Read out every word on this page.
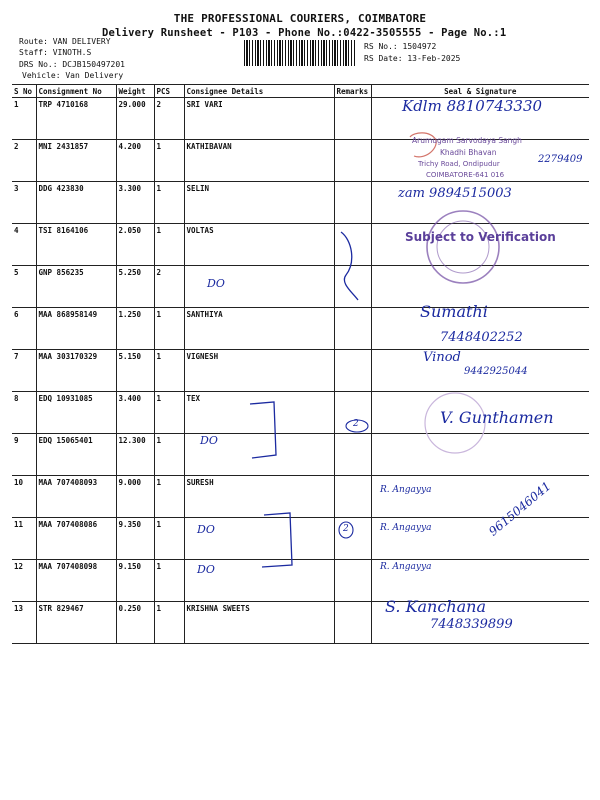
THE PROFESSIONAL COURIERS, COIMBATORE
Delivery Runsheet - P103 - Phone No.:0422-3505555 - Page No.:1
Route: VAN DELIVERY
Staff: VINOTH.S
DRS No.: DCJB150497201
Vehicle: Van Delivery
RS No.: 1504972
RS Date: 13-Feb-2025
S No	Consignment No	Weight	PCS	Consignee Details	Remarks	Seal & Signature
1	TRP 4710168	29.000	2	SRI VARI		
2	MNI 2431857	4.200	1	KATHIBAVAN		
3	DDG 423830	3.300	1	SELIN		
4	TSI 8164106	2.050	1	VOLTAS		
5	GNP 856235	5.250	2			
6	MAA 868958149	1.250	1	SANTHIYA		
7	MAA 303170329	5.150	1	VIGNESH		
8	EDQ 10931085	3.400	1	TEX		
9	EDQ 15065401	12.300	1			
10	MAA 707408093	9.000	1	SURESH		
11	MAA 707408086	9.350	1			
12	MAA 707408098	9.150	1			
13	STR 829467	0.250	1	KRISHNA SWEETS		
Kdlm 8810743330
Arumugam Sarvodaya Sangh
Khadhi Bhavan
Trichy Road, Ondipudur
COIMBATORE-641 016
2279409
zam 9894515003
Subject to Verification
DO
Sumathi
7448402252
Vinod
9442925044
V. Gunthamen
DO
2
R. Angayya
DO	2	R. Angayya
DO	R. Angayya
9615046041
S. Kanchana
7448339899
